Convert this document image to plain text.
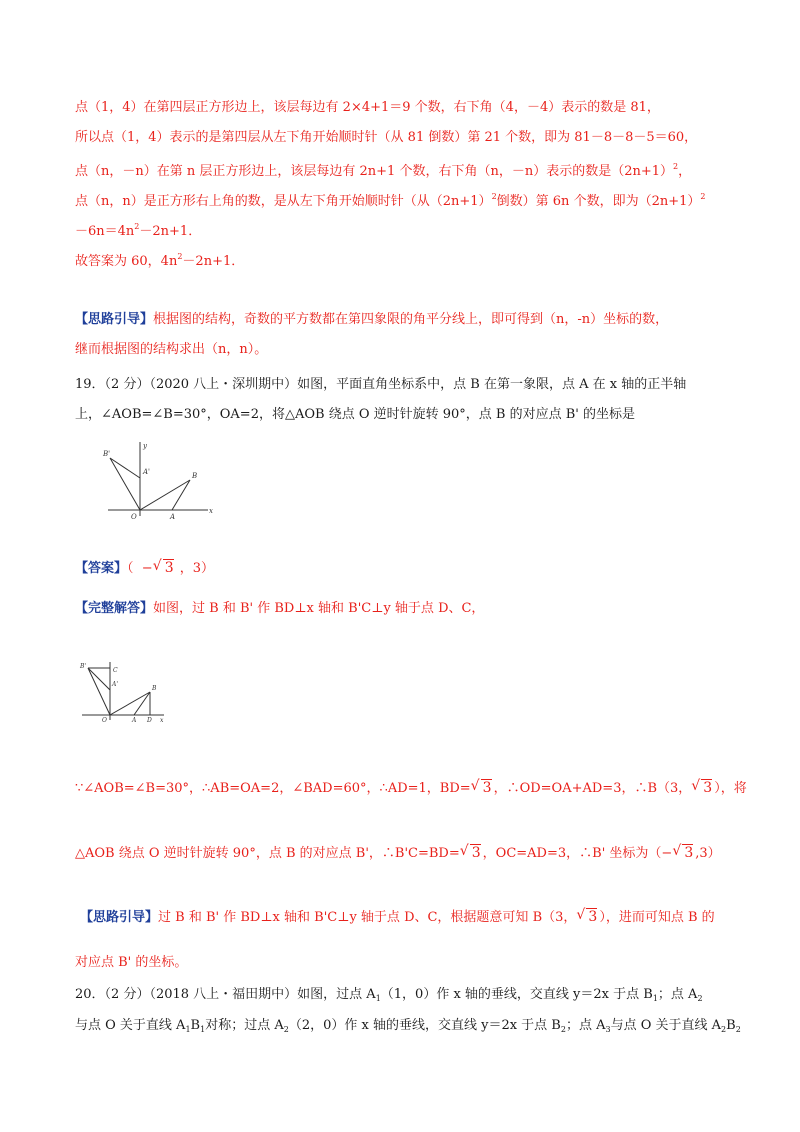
点（1，4）在第四层正方形边上，该层每边有 2×4+1＝9 个数，右下角（4，－4）表示的数是 81，
所以点（1，4）表示的是第四层从左下角开始顺时针（从 81 倒数）第 21 个数，即为 81－8－8－5＝60，
点（n，－n）在第 n 层正方形边上，该层每边有 2n+1 个数，右下角（n，－n）表示的数是$(2n+1)^2$，
点（n，n）是正方形右上角的数，是从左下角开始顺时针（从$(2n+1)^2$倒数）第 6n 个数，即为$(2n+1)^2$
$-6n=4n^2-2n+1$．
故答案为 60，$4n^2-2n+1$．
【思路引导】根据图的结构，奇数的平方数都在第四象限的角平分线上，即可得到（n，-n）坐标的数，
继而根据图的结构求出（n，n）。
19．（2 分）（2020 八上・深圳期中）如图，平面直角坐标系中，点 B 在第一象限，点 A 在 x 轴的正半轴
上，∠AOB=∠B=30°，OA=2，将△AOB 绕点 O 逆时针旋转 90°，点 B 的对应点 B' 的坐标是
B'
A'	B
O	A
x
y
【答案】（ − √ 3 ，3）
【完整解答】如图，过 B 和 B' 作 BD⊥x 轴和 B'C⊥y 轴于点 D、C，
B'
C
A'
B
O	A D x
∵∠AOB=∠B=30°，∴AB=OA=2，∠BAD=60°，∴AD=1，BD= √ 3 ，∴OD=OA+AD=3，∴B（3， √ 3 ），将
△AOB 绕点 O 逆时针旋转 90°，点 B 的对应点 B'，∴B'C=BD= √ 3 ，OC=AD=3，∴B' 坐标为（− √ 3 ,3）
【思路引导】过 B 和 B' 作 BD⊥x 轴和 B'C⊥y 轴于点 D、C，根据题意可知 B（3， √ 3 ），进而可知点 B 的
对应点 B' 的坐标。
20．（2 分）（2018 八上・福田期中）如图，过点 $A_1(1$，0）作 x 轴的垂线，交直线 y＝2x 于点 $B_1$；点 $A_2$
与点 O 关于直线 $A_1B_1$对称；过点 $A_2(2$，0）作 x 轴的垂线，交直线 y＝2x 于点 $B_2$；点 $A_3$与点 O 关于直线 $A_2B_2$
